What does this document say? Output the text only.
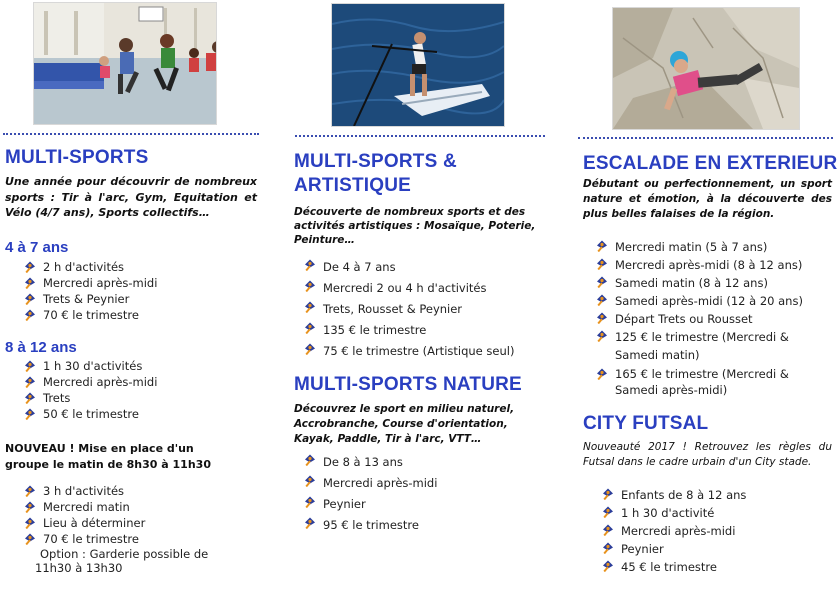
MULTI-SPORTS

Une année pour découvrir de nombreux sports : Tir à l'arc, Gym, Equitation et Vélo (4/7 ans), Sports collectifs…

4 à 7 ans
2 h d'activités
Mercredi après-midi
Trets & Peynier
70 € le trimestre
8 à 12 ans
1 h 30 d'activités
Mercredi après-midi
Trets
50 € le trimestre

NOUVEAU ! Mise en place d'un groupe le matin de 8h30 à 11h30

3 h d'activités
Mercredi matin
Lieu à déterminer
70 € le trimestre

Option : Garderie possible de 11h30 à 13h30

MULTI-SPORTS & ARTISTIQUE

Découverte de nombreux sports et des activités artistiques : Mosaïque, Poterie, Peinture…

De 4 à 7 ans
Mercredi 2 ou 4 h d'activités
Trets, Rousset & Peynier
135 € le trimestre
75 € le trimestre (Artistique seul)
MULTI-SPORTS NATURE

Découvrez le sport en milieu naturel, Accrobranche, Course d'orientation, Kayak, Paddle, Tir à l'arc, VTT…

De 8 à 13 ans
Mercredi après-midi
Peynier
95 € le trimestre
ESCALADE EN EXTERIEUR

Débutant ou perfectionnement, un sport nature et émotion, à la découverte des plus belles falaises de la région.

Mercredi matin (5 à 7 ans)
Mercredi après-midi (8 à 12 ans)
Samedi matin (8 à 12 ans)
Samedi après-midi (12 à 20 ans)
Départ Trets ou Rousset
125 € le trimestre (Mercredi & Samedi matin)
165 € le trimestre (Mercredi & Samedi après-midi)
CITY FUTSAL

Nouveauté 2017 ! Retrouvez les règles du Futsal dans le cadre urbain d'un City stade.

Enfants de 8 à 12 ans
1 h 30 d'activité
Mercredi après-midi
Peynier
45 € le trimestre
